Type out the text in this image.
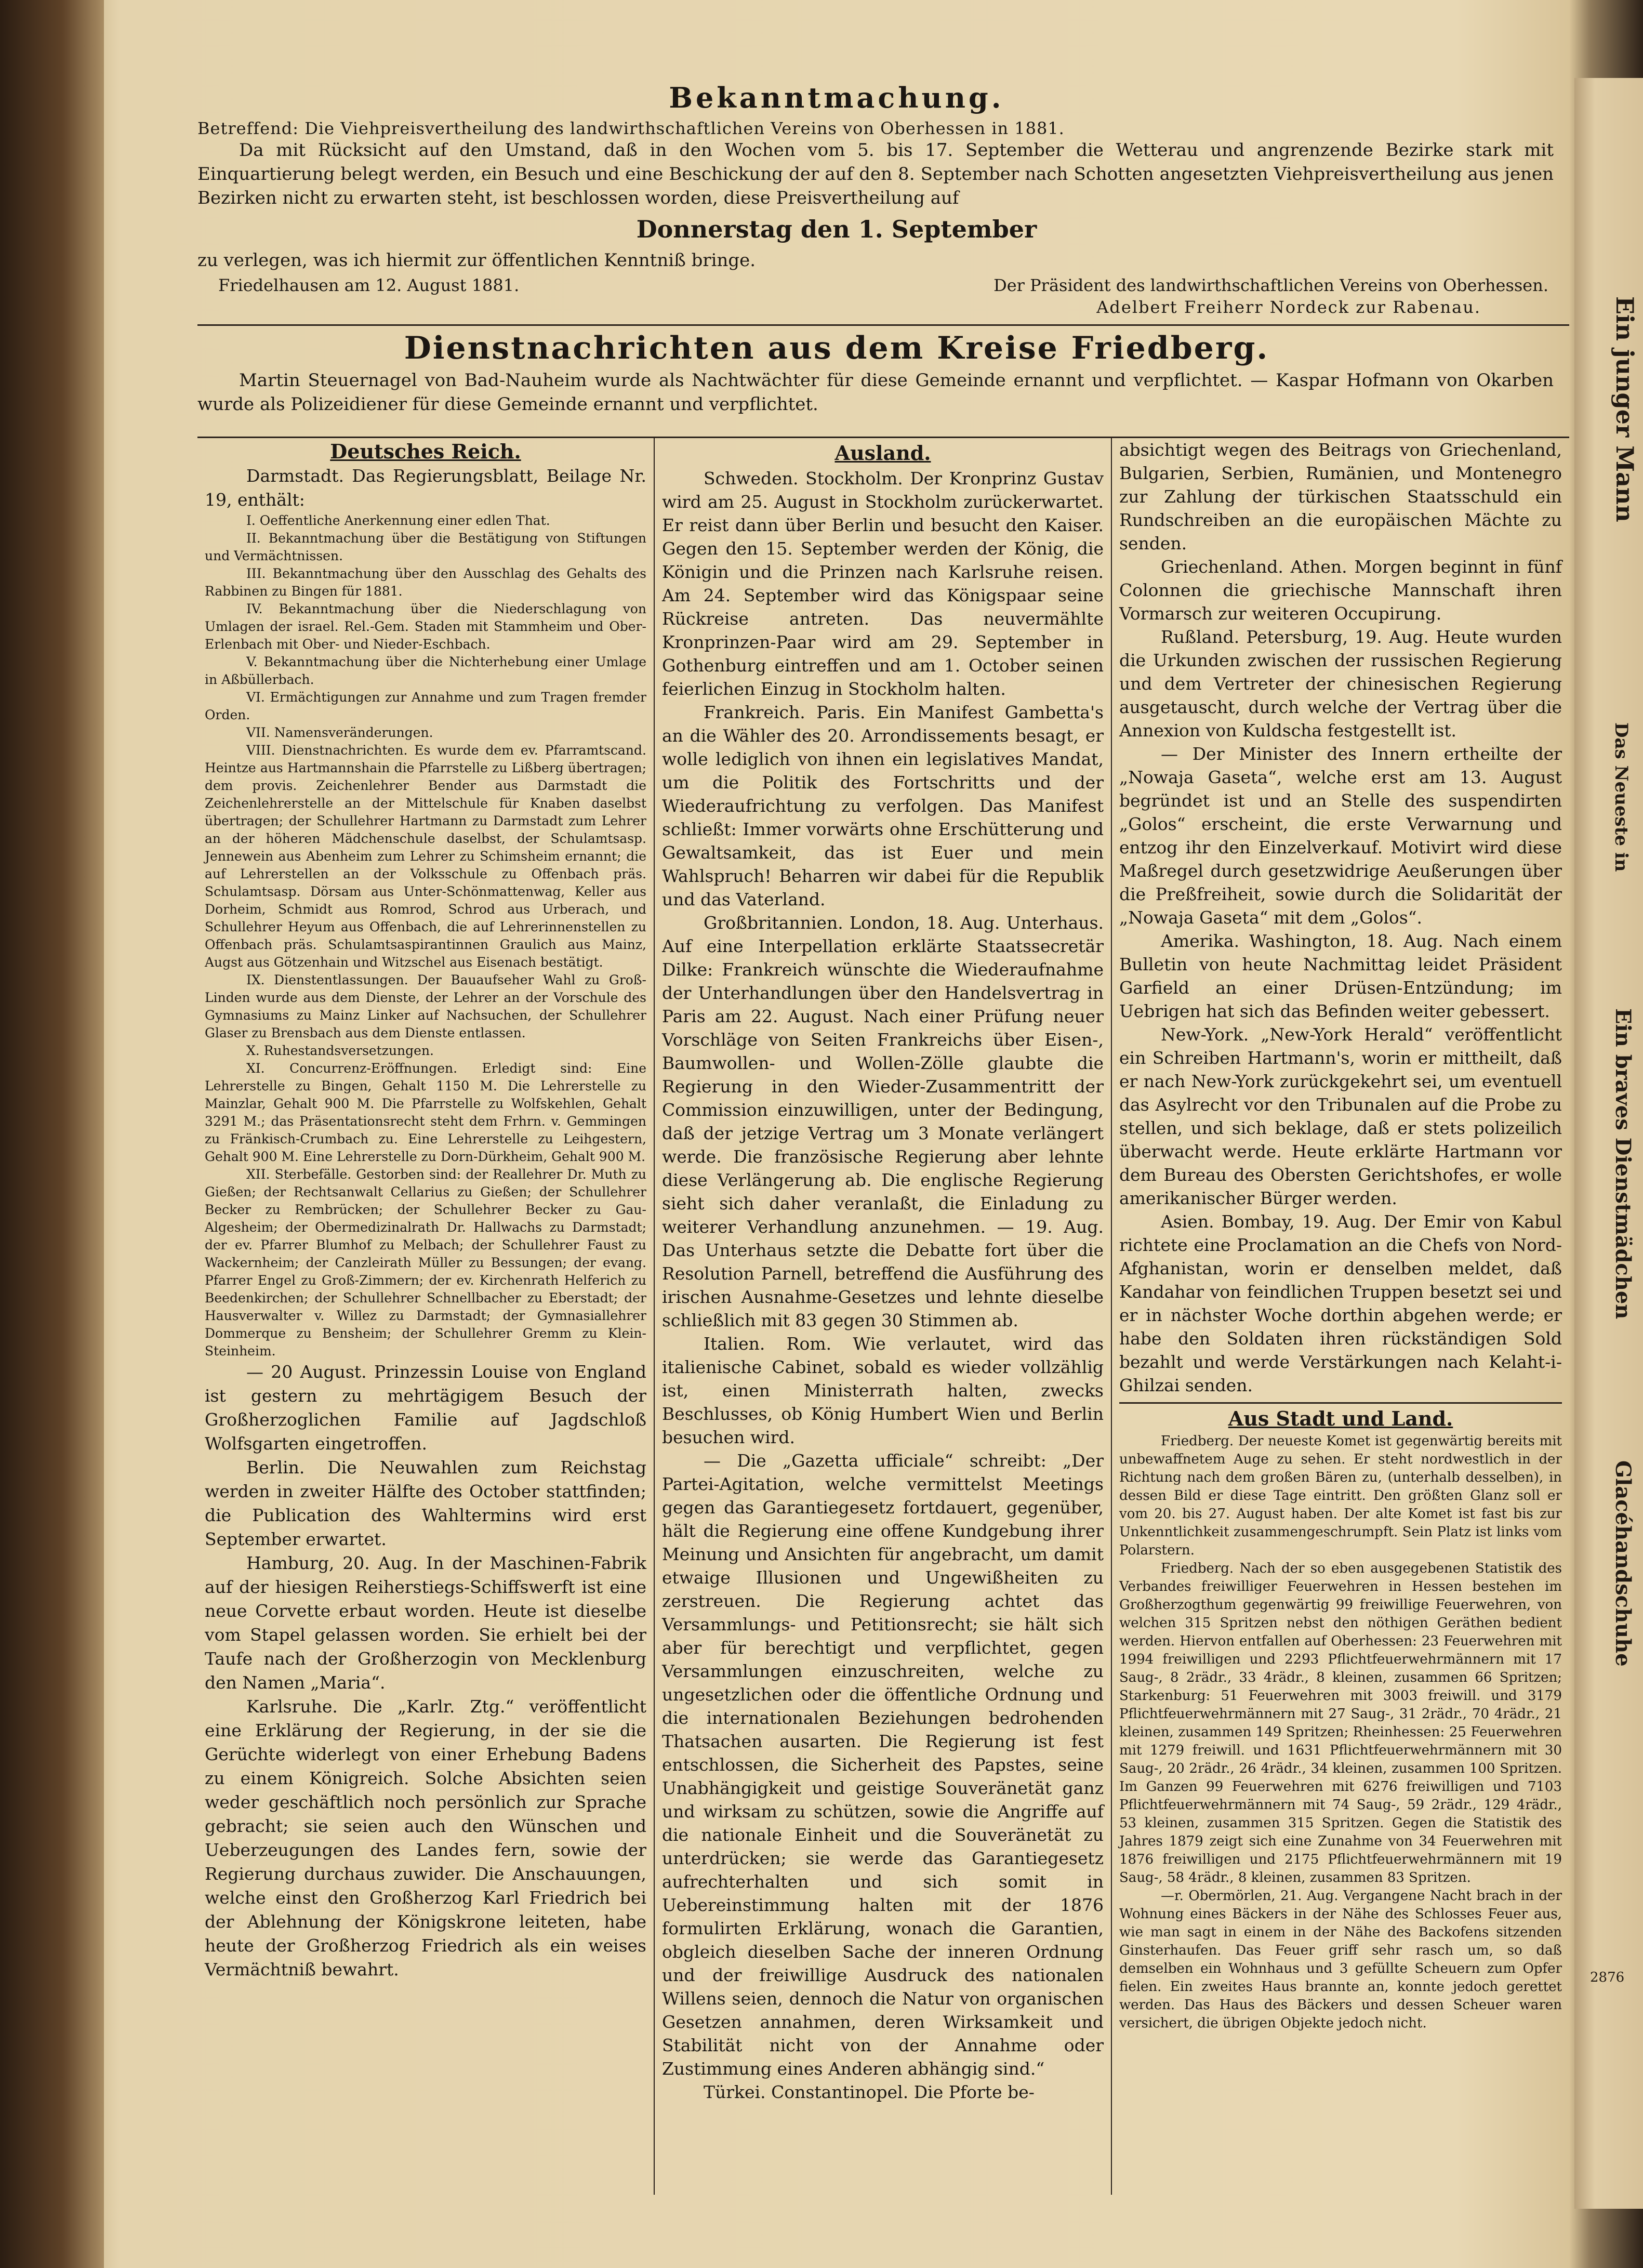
Bekanntmachung.
Betreffend: Die Viehpreisvertheilung des landwirthschaftlichen Vereins von Oberhessen in 1881.
Da mit Rücksicht auf den Umstand, daß in den Wochen vom 5. bis 17. September die Wetterau und angrenzende Bezirke stark mit Einquartierung belegt werden, ein Besuch und eine Beschickung der auf den 8. September nach Schotten angesetzten Viehpreisvertheilung aus jenen Bezirken nicht zu erwarten steht, ist beschlossen worden, diese Preisvertheilung auf
Donnerstag den 1. September
zu verlegen, was ich hiermit zur öffentlichen Kenntniß bringe.
Friedelhausen am 12. August 1881.	Der Präsident des landwirthschaftlichen Vereins von Oberhessen.
Adelbert Freiherr Nordeck zur Rabenau.
Dienstnachrichten aus dem Kreise Friedberg.
Martin Steuernagel von Bad-Nauheim wurde als Nachtwächter für diese Gemeinde ernannt und verpflichtet. — Kaspar Hofmann von Okarben wurde als Polizeidiener für diese Gemeinde ernannt und verpflichtet.
Deutsches Reich.

Darmstadt. Das Regierungsblatt, Beilage Nr. 19, enthält:

I. Oeffentliche Anerkennung einer edlen That.

II. Bekanntmachung über die Bestätigung von Stiftungen und Vermächtnissen.

III. Bekanntmachung über den Ausschlag des Gehalts des Rabbinen zu Bingen für 1881.

IV. Bekanntmachung über die Niederschlagung von Umlagen der israel. Rel.-Gem. Staden mit Stammheim und Ober-Erlenbach mit Ober- und Nieder-Eschbach.

V. Bekanntmachung über die Nichterhebung einer Umlage in Aßbüllerbach.

VI. Ermächtigungen zur Annahme und zum Tragen fremder Orden.

VII. Namensveränderungen.

VIII. Dienstnachrichten. Es wurde dem ev. Pfarramtscand. Heintze aus Hartmannshain die Pfarrstelle zu Lißberg übertragen; dem provis. Zeichenlehrer Bender aus Darmstadt die Zeichenlehrerstelle an der Mittelschule für Knaben daselbst übertragen; der Schullehrer Hartmann zu Darmstadt zum Lehrer an der höheren Mädchenschule daselbst, der Schulamtsasp. Jennewein aus Abenheim zum Lehrer zu Schimsheim ernannt; die auf Lehrerstellen an der Volksschule zu Offenbach präs. Schulamtsasp. Dörsam aus Unter-Schönmattenwag, Keller aus Dorheim, Schmidt aus Romrod, Schrod aus Urberach, und Schullehrer Heyum aus Offenbach, die auf Lehrerinnenstellen zu Offenbach präs. Schulamtsaspirantinnen Graulich aus Mainz, Augst aus Götzenhain und Witzschel aus Eisenach bestätigt.

IX. Dienstentlassungen. Der Bauaufseher Wahl zu Groß-Linden wurde aus dem Dienste, der Lehrer an der Vorschule des Gymnasiums zu Mainz Linker auf Nachsuchen, der Schullehrer Glaser zu Brensbach aus dem Dienste entlassen.

X. Ruhestandsversetzungen.

XI. Concurrenz-Eröffnungen. Erledigt sind: Eine Lehrerstelle zu Bingen, Gehalt 1150 M. Die Lehrerstelle zu Mainzlar, Gehalt 900 M. Die Pfarrstelle zu Wolfskehlen, Gehalt 3291 M.; das Präsentationsrecht steht dem Frhrn. v. Gemmingen zu Fränkisch-Crumbach zu. Eine Lehrerstelle zu Leihgestern, Gehalt 900 M. Eine Lehrerstelle zu Dorn-Dürkheim, Gehalt 900 M.

XII. Sterbefälle. Gestorben sind: der Reallehrer Dr. Muth zu Gießen; der Rechtsanwalt Cellarius zu Gießen; der Schullehrer Becker zu Rembrücken; der Schullehrer Becker zu Gau-Algesheim; der Obermedizinalrath Dr. Hallwachs zu Darmstadt; der ev. Pfarrer Blumhof zu Melbach; der Schullehrer Faust zu Wackernheim; der Canzleirath Müller zu Bessungen; der evang. Pfarrer Engel zu Groß-Zimmern; der ev. Kirchenrath Helferich zu Beedenkirchen; der Schullehrer Schnellbacher zu Eberstadt; der Hausverwalter v. Willez zu Darmstadt; der Gymnasiallehrer Dommerque zu Bensheim; der Schullehrer Gremm zu Klein-Steinheim.

— 20 August. Prinzessin Louise von England ist gestern zu mehrtägigem Besuch der Großherzoglichen Familie auf Jagdschloß Wolfsgarten eingetroffen.

Berlin. Die Neuwahlen zum Reichstag werden in zweiter Hälfte des October stattfinden; die Publication des Wahltermins wird erst September erwartet.

Hamburg, 20. Aug. In der Maschinen-Fabrik auf der hiesigen Reiherstiegs-Schiffswerft ist eine neue Corvette erbaut worden. Heute ist dieselbe vom Stapel gelassen worden. Sie erhielt bei der Taufe nach der Großherzogin von Mecklenburg den Namen „Maria“.

Karlsruhe. Die „Karlr. Ztg.“ veröffentlicht eine Erklärung der Regierung, in der sie die Gerüchte widerlegt von einer Erhebung Badens zu einem Königreich. Solche Absichten seien weder geschäftlich noch persönlich zur Sprache gebracht; sie seien auch den Wünschen und Ueberzeugungen des Landes fern, sowie der Regierung durchaus zuwider. Die Anschauungen, welche einst den Großherzog Karl Friedrich bei der Ablehnung der Königskrone leiteten, habe heute der Großherzog Friedrich als ein weises Vermächtniß bewahrt.

Ausland.

Schweden. Stockholm. Der Kronprinz Gustav wird am 25. August in Stockholm zurückerwartet. Er reist dann über Berlin und besucht den Kaiser. Gegen den 15. September werden der König, die Königin und die Prinzen nach Karlsruhe reisen. Am 24. September wird das Königspaar seine Rückreise antreten. Das neuvermählte Kronprinzen-Paar wird am 29. September in Gothenburg eintreffen und am 1. October seinen feierlichen Einzug in Stockholm halten.

Frankreich. Paris. Ein Manifest Gambetta's an die Wähler des 20. Arrondissements besagt, er wolle lediglich von ihnen ein legislatives Mandat, um die Politik des Fortschritts und der Wiederaufrichtung zu verfolgen. Das Manifest schließt: Immer vorwärts ohne Erschütterung und Gewaltsamkeit, das ist Euer und mein Wahlspruch! Beharren wir dabei für die Republik und das Vaterland.

Großbritannien. London, 18. Aug. Unterhaus. Auf eine Interpellation erklärte Staatssecretär Dilke: Frankreich wünschte die Wiederaufnahme der Unterhandlungen über den Handelsvertrag in Paris am 22. August. Nach einer Prüfung neuer Vorschläge von Seiten Frankreichs über Eisen-, Baumwollen- und Wollen-Zölle glaubte die Regierung in den Wieder-Zusammentritt der Commission einzuwilligen, unter der Bedingung, daß der jetzige Vertrag um 3 Monate verlängert werde. Die französische Regierung aber lehnte diese Verlängerung ab. Die englische Regierung sieht sich daher veranlaßt, die Einladung zu weiterer Verhandlung anzunehmen. — 19. Aug. Das Unterhaus setzte die Debatte fort über die Resolution Parnell, betreffend die Ausführung des irischen Ausnahme-Gesetzes und lehnte dieselbe schließlich mit 83 gegen 30 Stimmen ab.

Italien. Rom. Wie verlautet, wird das italienische Cabinet, sobald es wieder vollzählig ist, einen Ministerrath halten, zwecks Beschlusses, ob König Humbert Wien und Berlin besuchen wird.

— Die „Gazetta ufficiale“ schreibt: „Der Partei-Agitation, welche vermittelst Meetings gegen das Garantiegesetz fortdauert, gegenüber, hält die Regierung eine offene Kundgebung ihrer Meinung und Ansichten für angebracht, um damit etwaige Illusionen und Ungewißheiten zu zerstreuen. Die Regierung achtet das Versammlungs- und Petitionsrecht; sie hält sich aber für berechtigt und verpflichtet, gegen Versammlungen einzuschreiten, welche zu ungesetzlichen oder die öffentliche Ordnung und die internationalen Beziehungen bedrohenden Thatsachen ausarten. Die Regierung ist fest entschlossen, die Sicherheit des Papstes, seine Unabhängigkeit und geistige Souveränetät ganz und wirksam zu schützen, sowie die Angriffe auf die nationale Einheit und die Souveränetät zu unterdrücken; sie werde das Garantiegesetz aufrechterhalten und sich somit in Uebereinstimmung halten mit der 1876 formulirten Erklärung, wonach die Garantien, obgleich dieselben Sache der inneren Ordnung und der freiwillige Ausdruck des nationalen Willens seien, dennoch die Natur von organischen Gesetzen annahmen, deren Wirksamkeit und Stabilität nicht von der Annahme oder Zustimmung eines Anderen abhängig sind.“

Türkei. Constantinopel. Die Pforte be-

absichtigt wegen des Beitrags von Griechenland, Bulgarien, Serbien, Rumänien, und Montenegro zur Zahlung der türkischen Staatsschuld ein Rundschreiben an die europäischen Mächte zu senden.

Griechenland. Athen. Morgen beginnt in fünf Colonnen die griechische Mannschaft ihren Vormarsch zur weiteren Occupirung.

Rußland. Petersburg, 19. Aug. Heute wurden die Urkunden zwischen der russischen Regierung und dem Vertreter der chinesischen Regierung ausgetauscht, durch welche der Vertrag über die Annexion von Kuldscha festgestellt ist.

— Der Minister des Innern ertheilte der „Nowaja Gaseta“, welche erst am 13. August begründet ist und an Stelle des suspendirten „Golos“ erscheint, die erste Verwarnung und entzog ihr den Einzelverkauf. Motivirt wird diese Maßregel durch gesetzwidrige Aeußerungen über die Preßfreiheit, sowie durch die Solidarität der „Nowaja Gaseta“ mit dem „Golos“.

Amerika. Washington, 18. Aug. Nach einem Bulletin von heute Nachmittag leidet Präsident Garfield an einer Drüsen-Entzündung; im Uebrigen hat sich das Befinden weiter gebessert.

New-York. „New-York Herald“ veröffentlicht ein Schreiben Hartmann's, worin er mittheilt, daß er nach New-York zurückgekehrt sei, um eventuell das Asylrecht vor den Tribunalen auf die Probe zu stellen, und sich beklage, daß er stets polizeilich überwacht werde. Heute erklärte Hartmann vor dem Bureau des Obersten Gerichtshofes, er wolle amerikanischer Bürger werden.

Asien. Bombay, 19. Aug. Der Emir von Kabul richtete eine Proclamation an die Chefs von Nord-Afghanistan, worin er denselben meldet, daß Kandahar von feindlichen Truppen besetzt sei und er in nächster Woche dorthin abgehen werde; er habe den Soldaten ihren rückständigen Sold bezahlt und werde Verstärkungen nach Kelaht-i-Ghilzai senden.

Aus Stadt und Land.

Friedberg. Der neueste Komet ist gegenwärtig bereits mit unbewaffnetem Auge zu sehen. Er steht nordwestlich in der Richtung nach dem großen Bären zu, (unterhalb desselben), in dessen Bild er diese Tage eintritt. Den größten Glanz soll er vom 20. bis 27. August haben. Der alte Komet ist fast bis zur Unkenntlichkeit zusammengeschrumpft. Sein Platz ist links vom Polarstern.

Friedberg. Nach der so eben ausgegebenen Statistik des Verbandes freiwilliger Feuerwehren in Hessen bestehen im Großherzogthum gegenwärtig 99 freiwillige Feuerwehren, von welchen 315 Spritzen nebst den nöthigen Geräthen bedient werden. Hiervon entfallen auf Oberhessen: 23 Feuerwehren mit 1994 freiwilligen und 2293 Pflichtfeuerwehrmännern mit 17 Saug-, 8 2rädr., 33 4rädr., 8 kleinen, zusammen 66 Spritzen; Starkenburg: 51 Feuerwehren mit 3003 freiwill. und 3179 Pflichtfeuerwehrmännern mit 27 Saug-, 31 2rädr., 70 4rädr., 21 kleinen, zusammen 149 Spritzen; Rheinhessen: 25 Feuerwehren mit 1279 freiwill. und 1631 Pflichtfeuerwehrmännern mit 30 Saug-, 20 2rädr., 26 4rädr., 34 kleinen, zusammen 100 Spritzen. Im Ganzen 99 Feuerwehren mit 6276 freiwilligen und 7103 Pflichtfeuerwehrmännern mit 74 Saug-, 59 2rädr., 129 4rädr., 53 kleinen, zusammen 315 Spritzen. Gegen die Statistik des Jahres 1879 zeigt sich eine Zunahme von 34 Feuerwehren mit 1876 freiwilligen und 2175 Pflichtfeuerwehrmännern mit 19 Saug-, 58 4rädr., 8 kleinen, zusammen 83 Spritzen.

—r. Obermörlen, 21. Aug. Vergangene Nacht brach in der Wohnung eines Bäckers in der Nähe des Schlosses Feuer aus, wie man sagt in einem in der Nähe des Backofens sitzenden Ginsterhaufen. Das Feuer griff sehr rasch um, so daß demselben ein Wohnhaus und 3 gefüllte Scheuern zum Opfer fielen. Ein zweites Haus brannte an, konnte jedoch gerettet werden. Das Haus des Bäckers und dessen Scheuer waren versichert, die übrigen Objekte jedoch nicht.

Ein junger Mann
Das Neueste in
Ein braves Dienstmädchen
Glacéhandschuhe
2876
